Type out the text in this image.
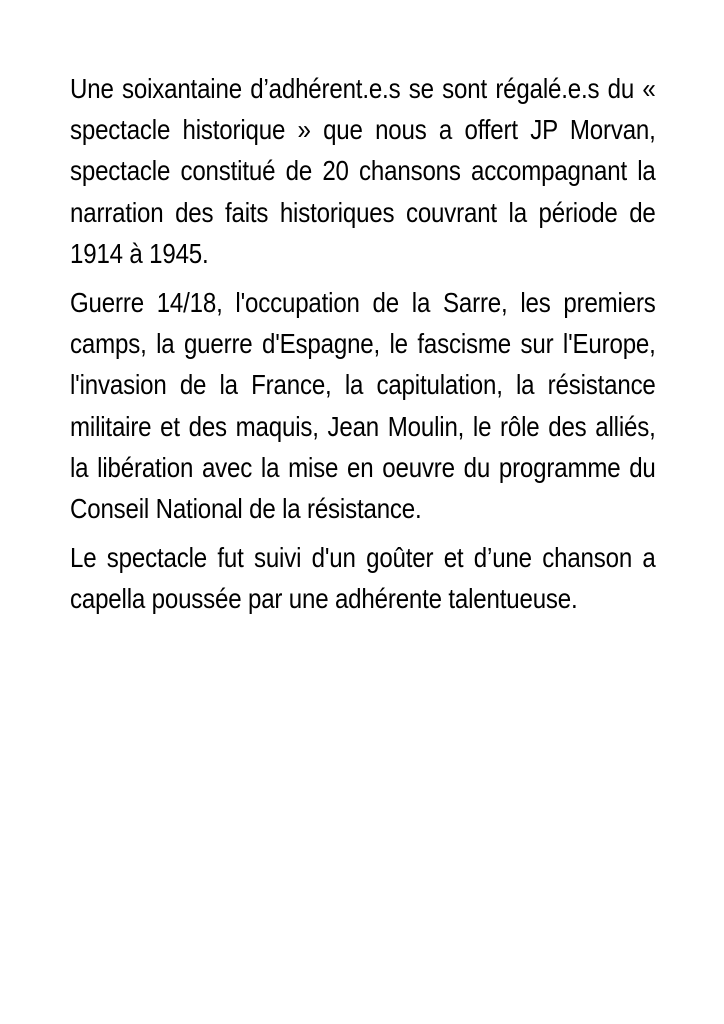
Une soixantaine d’adhérent.e.s se sont régalé.e.s du « spectacle historique » que nous a offert JP Morvan, spectacle constitué de 20 chansons accompagnant la narration des faits historiques couvrant la période de 1914 à 1945.

Guerre 14/18, l'occupation de la Sarre, les premiers camps, la guerre d'Espagne, le fascisme sur l'Europe, l'invasion de la France, la capitulation, la résistance militaire et des maquis, Jean Moulin, le rôle des alliés, la libération avec la mise en oeuvre du programme du Conseil National de la résistance.

Le spectacle fut suivi d'un goûter et d’une chanson a capella poussée par une adhérente talentueuse.
